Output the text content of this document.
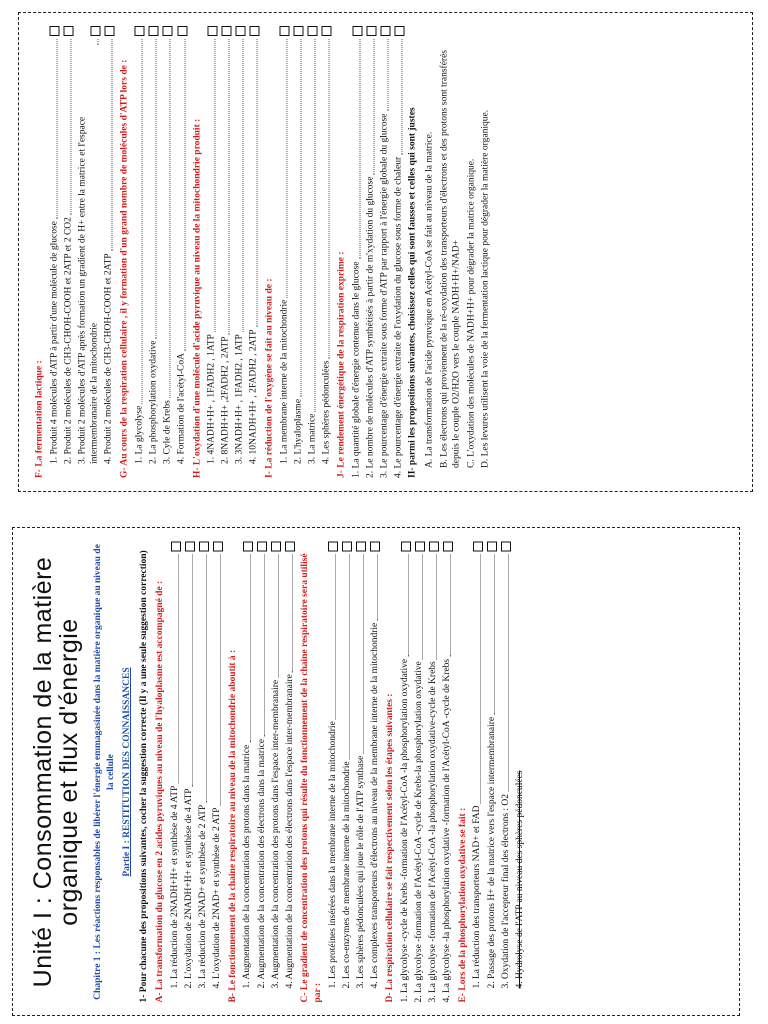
Unité I : Consommation de la matière organique et flux d'énergie Chapitre 1 : Les réactions responsables de libérer l'énergie emmagasinée dans la matière organique au niveau de la cellule Partie I : RESTITUTION DES CONNAISSANCES 1- Pour chacune des propositions suivantes, cocher la suggestion correcte (Il y a une seule suggestion correction) A- La transformation du glucose en 2 acides pyruviques au niveau de l'hyaloplasme est accompagné de : 1. La réduction de 2NADH+H+ et synthèse de 4 ATP 2. L'oxydation de 2NADH+H+ et synthèse de 4 ATP 3. La réduction de 2NAD+ et synthèse de 2 ATP 4. L'oxydation de 2NAD+ et synthèse de 2 ATP B- Le fonctionnement de la chaine respiratoire au niveau de la mitochondrie aboutit à : 1. Augmentation de la concentration des protons dans la matrice 2. Augmentation de la concentration des électrons dans la matrice 3. Augmentation de la concentration des protons dans l'espace inter-membranaire 4. Augmentation de la concentration des électrons dans l'espace inter-membranaire C- Le gradient de concentration des protons qui résulte du fonctionnement de la chaine respiratoire sera utilisé par :
1. Les protéines insérées dans la membrane interne de la mitochondrie 2. Les co-enzymes de membrane interne de la mitochondrie 3. Les sphères pédonculées qui joue le rôle de l'ATP synthase 4. Les complexes transporteurs d'électrons au niveau de la membrane interne de la mitochondrie D- La respiration cellulaire se fait respectivement selon les étapes suivantes : 1. La glycolyse -cycle de Krebs -formation de l'Acétyl-CoA -la phosphorylation oxydative 2. La glycolyse -formation de l'Acétyl-CoA -cycle de Krebs-la phosphorylation oxydative 3. La glycolyse -formation de l'Acétyl-CoA -la phosphorylation oxydative-cycle de Krebs 4. La glycolyse -la phosphorylation oxydative -formation de l'Acétyl-CoA -cycle de Krebs E- Lors de la phosphorylation oxydative se fait : 1. La réduction des transporteurs NAD+ et FAD 2. Passage des protons H+ de la matrice vers l'espace intermembranaire 3. Oxydation de l'accepteur final des électrons : O2 4. Hydrolyse de l'ATP au niveau des sphères pédonculées
F- La fermentation lactique : 1. Produit 4 molécules d'ATP à partir d'une molécule de glucose 2. Produit 2 molécules de CH3-CHOH-COOH et 2ATP et 2 CO2 3. Produit 2 molécules d'ATP après formation un gradient de H+ entre la matrice et l'espace intermembranaire de la mitochondrie 4. Produit 2 molécules de CH3-CHOH-COOH et 2ATP G- Au cours de la respiration cellulaire , il y formation d'un grand nombre de molécules d'ATP lors de : 1. La glycolyse 2. La phosphorylation oxydative 3. Cyle de Krebs 4. Formation de l'acétyl-CoA H- L'oxydation d'une molécule d'acide pyruvique au niveau de la mitochondrie produit : 1. 4NADH+H+ , 1FADH2 , 1ATP 2. 8NADH+H+ ,2FADH2 , 2ATP 3. 3NADH+H+ , 1FADH2 , 1ATP 4. 10NADH+H+ , 2FADH2 , 2ATP I- La réduction de l'oxygène se fait au niveau de : 1. La membrane interne de la mitochondrie 2. L'hyaloplasme 3. La matrice 4. Les sphères pédonculées J- Le rendement énergétique de la respiration exprime : 1. La quantité globale d'énergie contenue dans le glucose 2. Le nombre de molécules d'ATP synthétisés à partir de m'xydation du glucose 3. Le pourcentage d'énergie extraite sous forme d'ATP par rapport à l'énergie globale du glucose 4. Le pourcentage d'énergie extraite de l'oxydation du glucose sous forme de chaleur II- parmi les propositions suivantes, choisissez celles qui sont fausses et celles qui sont justes A. La transformation de l'acide pyruvique en Acétyl-CoA se fait au niveau de la matrice. B. Les électrons qui proviennent de la ré-oxydation des transporteurs d'électrons et des protons sont transférés depuis le couple O2/H2O vers le couple NADH+H+/NAD+ C. L'oxydation des molécules de NADH+H+ pour dégrader la matrice organique. D. Les levures utilisent la voie de la fermentation lactique pour dégrader la matière organique.
